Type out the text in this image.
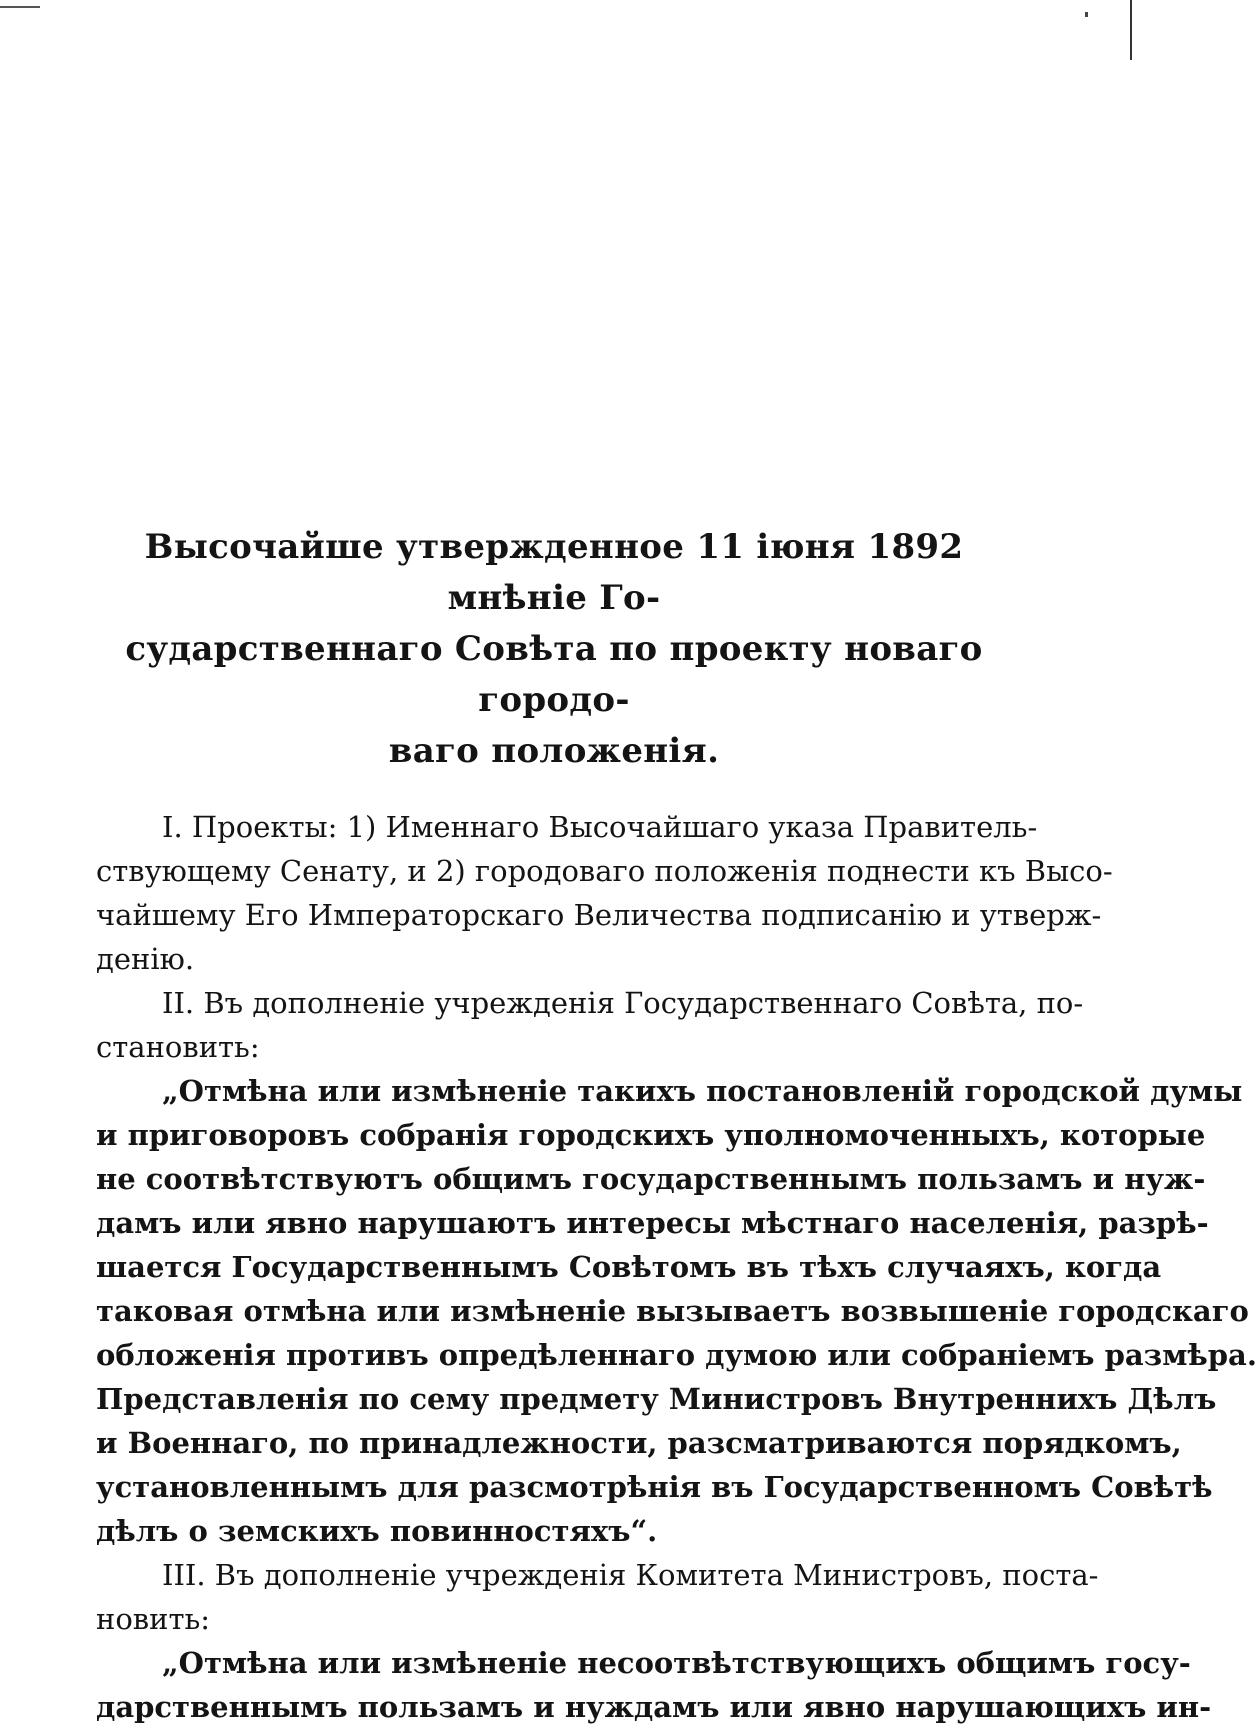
Высочайше утвержденное 11 іюня 1892 мнѣніе Го-
сударственнаго Совѣта по проекту новаго городо-
ваго положенія.

I. Проекты: 1) Именнаго Высочайшаго указа Правитель-
ствующему Сенату, и 2) городоваго положенія поднести къ Высо-
чайшему Его Императорскаго Величества подписанію и утверж-
денію.

II. Въ дополненіе учрежденія Государственнаго Совѣта, по-
становить:

„Отмѣна или измѣненіе такихъ постановленій городской думы
и приговоровъ собранія городскихъ уполномоченныхъ, которые
не соотвѣтствуютъ общимъ государственнымъ пользамъ и нуж-
дамъ или явно нарушаютъ интересы мѣстнаго населенія, разрѣ-
шается Государственнымъ Совѣтомъ въ тѣхъ случаяхъ, когда
таковая отмѣна или измѣненіе вызываетъ возвышеніе городскаго
обложенія противъ опредѣленнаго думою или собраніемъ размѣра.
Представленія по сему предмету Министровъ Внутреннихъ Дѣлъ
и Военнаго, по принадлежности, разсматриваются порядкомъ,
установленнымъ для разсмотрѣнія въ Государственномъ Совѣтѣ
дѣлъ о земскихъ повинностяхъ“.

III. Въ дополненіе учрежденія Комитета Министровъ, поста-
новить:

„Отмѣна или измѣненіе несоотвѣтствующихъ общимъ госу-
дарственнымъ пользамъ и нуждамъ или явно нарушающихъ ин-
